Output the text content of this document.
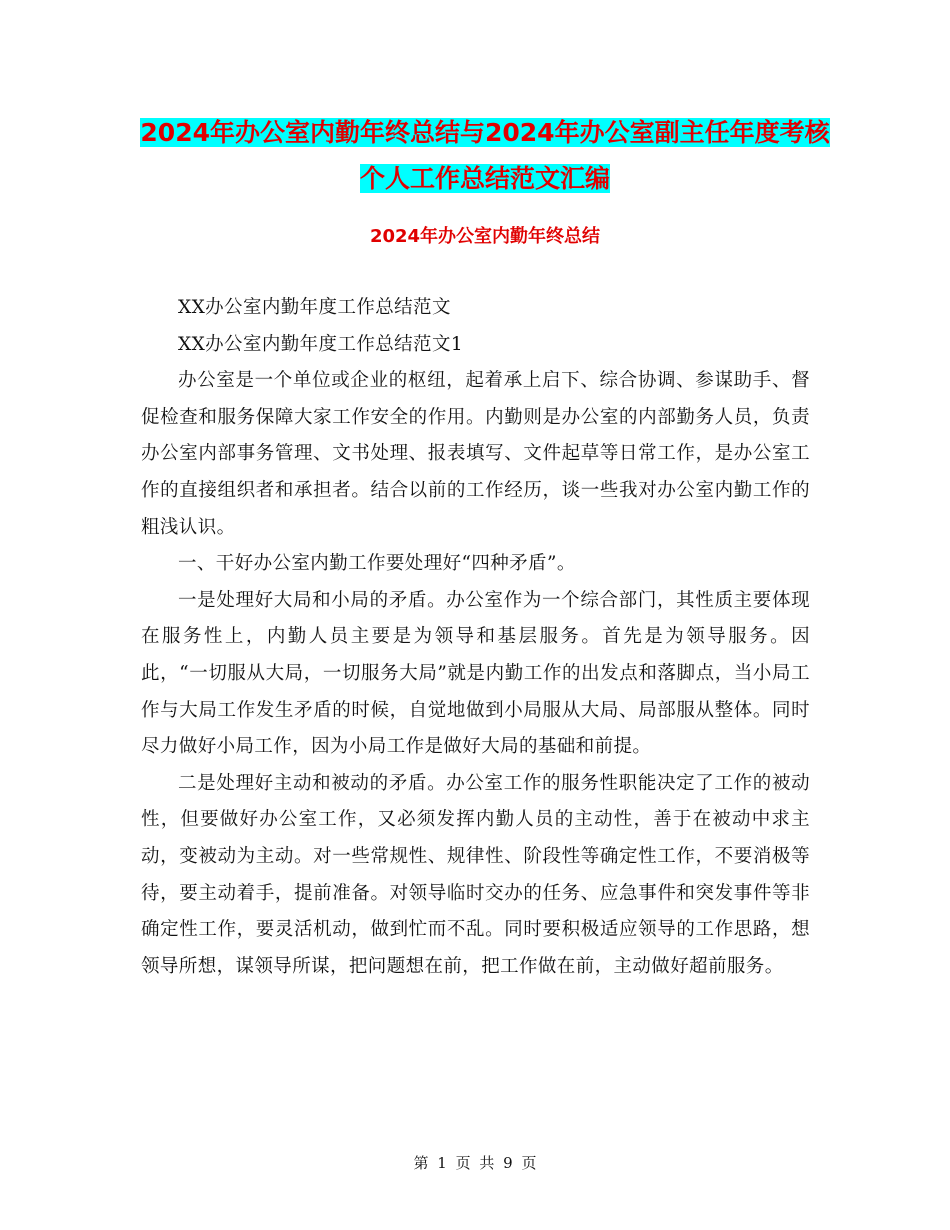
2024年办公室内勤年终总结与2024年办公室副主任年度考核个人工作总结范文汇编
2024年办公室内勤年终总结

XX办公室内勤年度工作总结范文

XX办公室内勤年度工作总结范文1

办公室是一个单位或企业的枢纽，起着承上启下、综合协调、参谋助手、督促检查和服务保障大家工作安全的作用。内勤则是办公室的内部勤务人员，负责办公室内部事务管理、文书处理、报表填写、文件起草等日常工作，是办公室工作的直接组织者和承担者。结合以前的工作经历，谈一些我对办公室内勤工作的粗浅认识。

一、干好办公室内勤工作要处理好“四种矛盾”。

一是处理好大局和小局的矛盾。办公室作为一个综合部门，其性质主要体现在服务性上，内勤人员主要是为领导和基层服务。首先是为领导服务。因此，“一切服从大局，一切服务大局”就是内勤工作的出发点和落脚点，当小局工作与大局工作发生矛盾的时候，自觉地做到小局服从大局、局部服从整体。同时尽力做好小局工作，因为小局工作是做好大局的基础和前提。

二是处理好主动和被动的矛盾。办公室工作的服务性职能决定了工作的被动性，但要做好办公室工作，又必须发挥内勤人员的主动性，善于在被动中求主动，变被动为主动。对一些常规性、规律性、阶段性等确定性工作，不要消极等待，要主动着手，提前准备。对领导临时交办的任务、应急事件和突发事件等非确定性工作，要灵活机动，做到忙而不乱。同时要积极适应领导的工作思路，想领导所想，谋领导所谋，把问题想在前，把工作做在前，主动做好超前服务。

第 1 页 共 9 页
